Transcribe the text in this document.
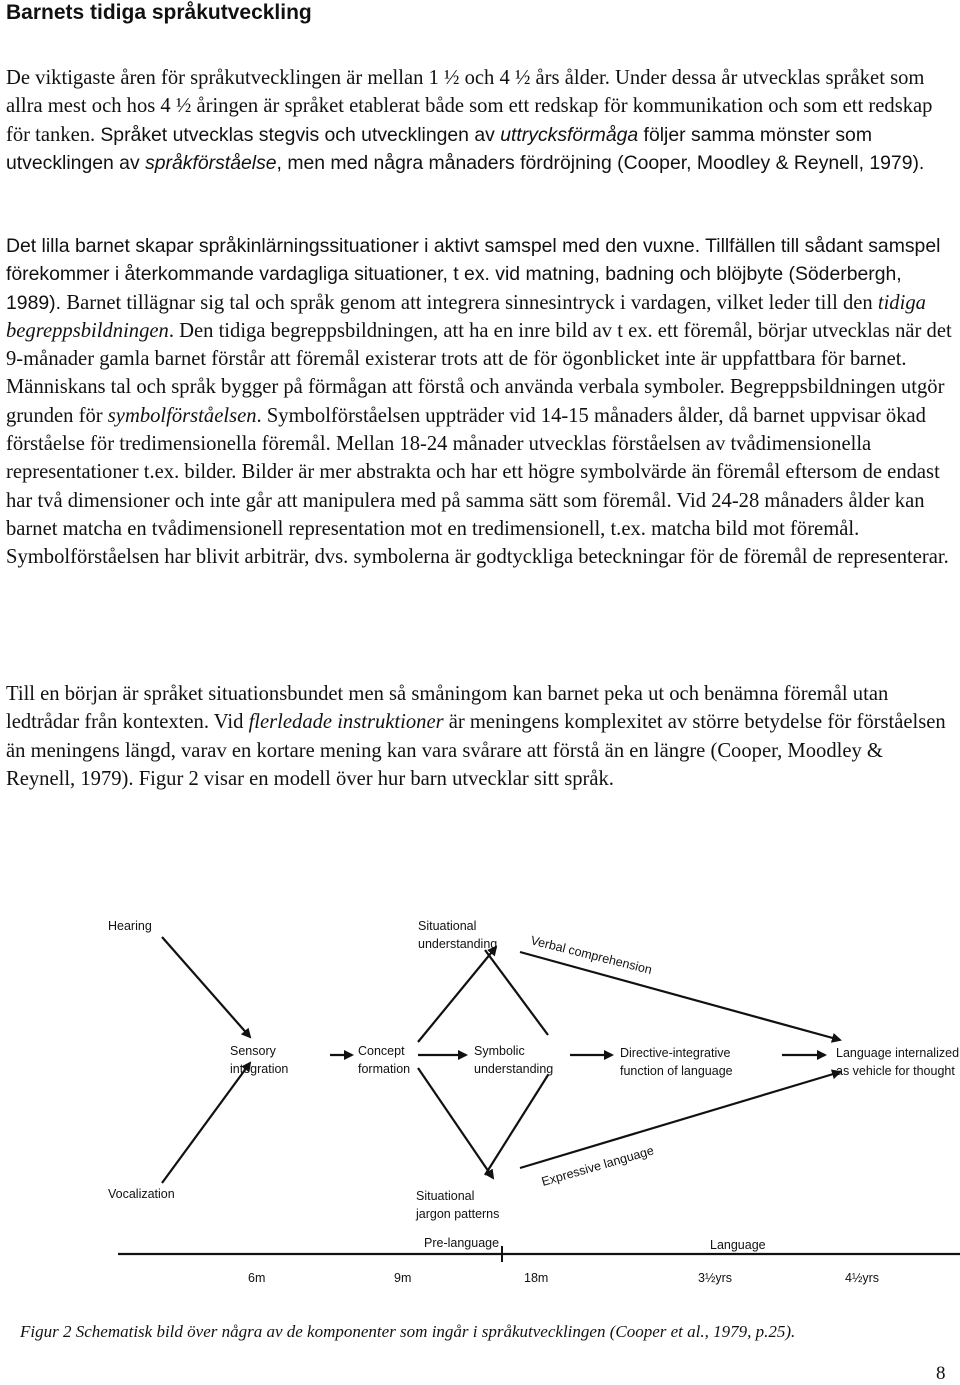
Barnets tidiga språkutveckling

De viktigaste åren för språkutvecklingen är mellan 1 ½ och 4 ½ års ålder. Under dessa år utvecklas språket som allra mest och hos 4 ½ åringen är språket etablerat både som ett redskap för kommunikation och som ett redskap för tanken. Språket utvecklas stegvis och utvecklingen av uttrycksförmåga följer samma mönster som utvecklingen av språkförståelse, men med några månaders fördröjning (Cooper, Moodley & Reynell, 1979).

Det lilla barnet skapar språkinlärningssituationer i aktivt samspel med den vuxne. Tillfällen till sådant samspel förekommer i återkommande vardagliga situationer, t ex. vid matning, badning och blöjbyte (Söderbergh, 1989). Barnet tillägnar sig tal och språk genom att integrera sinnesintryck i vardagen, vilket leder till den tidiga begreppsbildningen. Den tidiga begreppsbildningen, att ha en inre bild av t ex. ett föremål, börjar utvecklas när det 9-månader gamla barnet förstår att föremål existerar trots att de för ögonblicket inte är uppfattbara för barnet. Människans tal och språk bygger på förmågan att förstå och använda verbala symboler. Begreppsbildningen utgör grunden för symbolförståelsen. Symbolförståelsen uppträder vid 14-15 månaders ålder, då barnet uppvisar ökad förståelse för tredimensionella föremål. Mellan 18-24 månader utvecklas förståelsen av tvådimensionella representationer t.ex. bilder. Bilder är mer abstrakta och har ett högre symbolvärde än föremål eftersom de endast har två dimensioner och inte går att manipulera med på samma sätt som föremål. Vid 24-28 månaders ålder kan barnet matcha en tvådimensionell representation mot en tredimensionell, t.ex. matcha bild mot föremål. Symbolförståelsen har blivit arbiträr, dvs. symbolerna är godtyckliga beteckningar för de föremål de representerar.

Till en början är språket situationsbundet men så småningom kan barnet peka ut och benämna föremål utan ledtrådar från kontexten. Vid flerledade instruktioner är meningens komplexitet av större betydelse för förståelsen än meningens längd, varav en kortare mening kan vara svårare att förstå än en längre (Cooper, Moodley & Reynell, 1979). Figur 2 visar en modell över hur barn utvecklar sitt språk.

Hearing	Situational
understanding	Verbal comprehension
Sensory
integration
Concept
formation
Symbolic
understanding
Directive-integrative
function of language
Language internalized
as vehicle for thought
Expressive language
Vocalization	Situational
jargon patterns
Pre-language	Language
6m	9m	18m	3½yrs	4½yrs
Figur 2 Schematisk bild över några av de komponenter som ingår i språkutvecklingen (Cooper et al., 1979, p.25).
8
